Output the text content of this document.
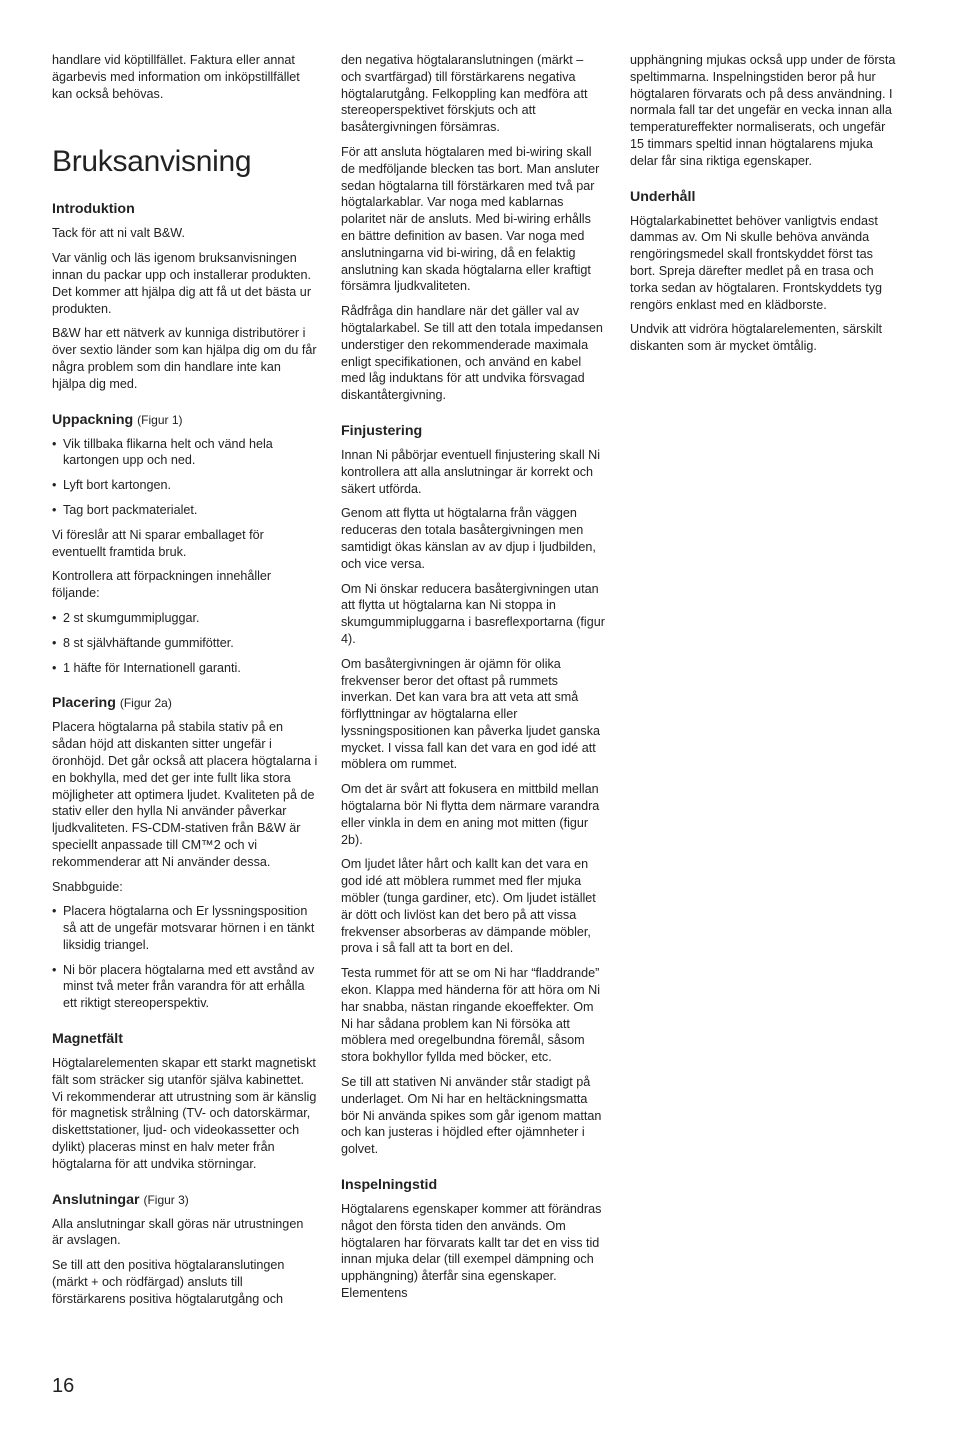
handlare vid köptillfället. Faktura eller annat ägarbevis med information om inköpstillfället kan också behövas.

Bruksanvisning
Introduktion

Tack för att ni valt B&W.

Var vänlig och läs igenom bruksanvisningen innan du packar upp och installerar produkten. Det kommer att hjälpa dig att få ut det bästa ur produkten.

B&W har ett nätverk av kunniga distributörer i över sextio länder som kan hjälpa dig om du får några problem som din handlare inte kan hjälpa dig med.

Uppackning (Figur 1)
• Vik tillbaka flikarna helt och vänd hela kartongen upp och ned.
• Lyft bort kartongen.
• Tag bort packmaterialet.

Vi föreslår att Ni sparar emballaget för eventuellt framtida bruk.

Kontrollera att förpackningen innehåller följande:

• 2 st skumgummipluggar.
• 8 st självhäftande gummifötter.
• 1 häfte för Internationell garanti.
Placering (Figur 2a)

Placera högtalarna på stabila stativ på en sådan höjd att diskanten sitter ungefär i öronhöjd. Det går också att placera högtalarna i en bokhylla, med det ger inte fullt lika stora möjligheter att optimera ljudet. Kvaliteten på de stativ eller den hylla Ni använder påverkar ljudkvaliteten. FS-CDM-stativen från B&W är speciellt anpassade till CM™2 och vi rekommenderar att Ni använder dessa.

Snabbguide:

• Placera högtalarna och Er lyssningsposition så att de ungefär motsvarar hörnen i en tänkt liksidig triangel.
• Ni bör placera högtalarna med ett avstånd av minst två meter från varandra för att erhålla ett riktigt stereoperspektiv.
Magnetfält

Högtalarelementen skapar ett starkt magnetiskt fält som sträcker sig utanför själva kabinettet. Vi rekommenderar att utrustning som är känslig för magnetisk strålning (TV- och datorskärmar, diskettstationer, ljud- och videokassetter och dylikt) placeras minst en halv meter från högtalarna för att undvika störningar.

Anslutningar (Figur 3)

Alla anslutningar skall göras när utrustningen är avslagen.

Se till att den positiva högtalaranslutingen (märkt + och rödfärgad) ansluts till förstärkarens positiva högtalarutgång och

den negativa högtalaranslutningen (märkt – och svartfärgad) till förstärkarens negativa högtalarutgång. Felkoppling kan medföra att stereoperspektivet förskjuts och att basåtergivningen försämras.

För att ansluta högtalaren med bi-wiring skall de medföljande blecken tas bort. Man ansluter sedan högtalarna till förstärkaren med två par högtalarkablar. Var noga med kablarnas polaritet när de ansluts. Med bi-wiring erhålls en bättre definition av basen. Var noga med anslutningarna vid bi-wiring, då en felaktig anslutning kan skada högtalarna eller kraftigt försämra ljudkvaliteten.

Rådfråga din handlare när det gäller val av högtalarkabel. Se till att den totala impedansen understiger den rekommenderade maximala enligt specifikationen, och använd en kabel med låg induktans för att undvika försvagad diskantåtergivning.

Finjustering

Innan Ni påbörjar eventuell finjustering skall Ni kontrollera att alla anslutningar är korrekt och säkert utförda.

Genom att flytta ut högtalarna från väggen reduceras den totala basåtergivningen men samtidigt ökas känslan av av djup i ljudbilden, och vice versa.

Om Ni önskar reducera basåtergivningen utan att flytta ut högtalarna kan Ni stoppa in skumgummipluggarna i basreflexportarna (figur 4).

Om basåtergivningen är ojämn för olika frekvenser beror det oftast på rummets inverkan. Det kan vara bra att veta att små förflyttningar av högtalarna eller lyssningspositionen kan påverka ljudet ganska mycket. I vissa fall kan det vara en god idé att möblera om rummet.

Om det är svårt att fokusera en mittbild mellan högtalarna bör Ni flytta dem närmare varandra eller vinkla in dem en aning mot mitten (figur 2b).

Om ljudet låter hårt och kallt kan det vara en god idé att möblera rummet med fler mjuka möbler (tunga gardiner, etc). Om ljudet istället är dött och livlöst kan det bero på att vissa frekvenser absorberas av dämpande möbler, prova i så fall att ta bort en del.

Testa rummet för att se om Ni har “fladdrande” ekon. Klappa med händerna för att höra om Ni har snabba, nästan ringande ekoeffekter. Om Ni har sådana problem kan Ni försöka att möblera med oregelbundna föremål, såsom stora bokhyllor fyllda med böcker, etc.

Se till att stativen Ni använder står stadigt på underlaget. Om Ni har en heltäckningsmatta bör Ni använda spikes som går igenom mattan och kan justeras i höjdled efter ojämnheter i golvet.

Inspelningstid

Högtalarens egenskaper kommer att förändras något den första tiden den används. Om högtalaren har förvarats kallt tar det en viss tid innan mjuka delar (till exempel dämpning och upphängning) återfår sina egenskaper. Elementens

upphängning mjukas också upp under de första speltimmarna. Inspelningstiden beror på hur högtalaren förvarats och på dess användning. I normala fall tar det ungefär en vecka innan alla temperatureffekter normaliserats, och ungefär 15 timmars speltid innan högtalarens mjuka delar får sina riktiga egenskaper.

Underhåll

Högtalarkabinettet behöver vanligtvis endast dammas av. Om Ni skulle behöva använda rengöringsmedel skall frontskyddet först tas bort. Spreja därefter medlet på en trasa och torka sedan av högtalaren. Frontskyddets tyg rengörs enklast med en klädborste.

Undvik att vidröra högtalarelementen, särskilt diskanten som är mycket ömtålig.

16
